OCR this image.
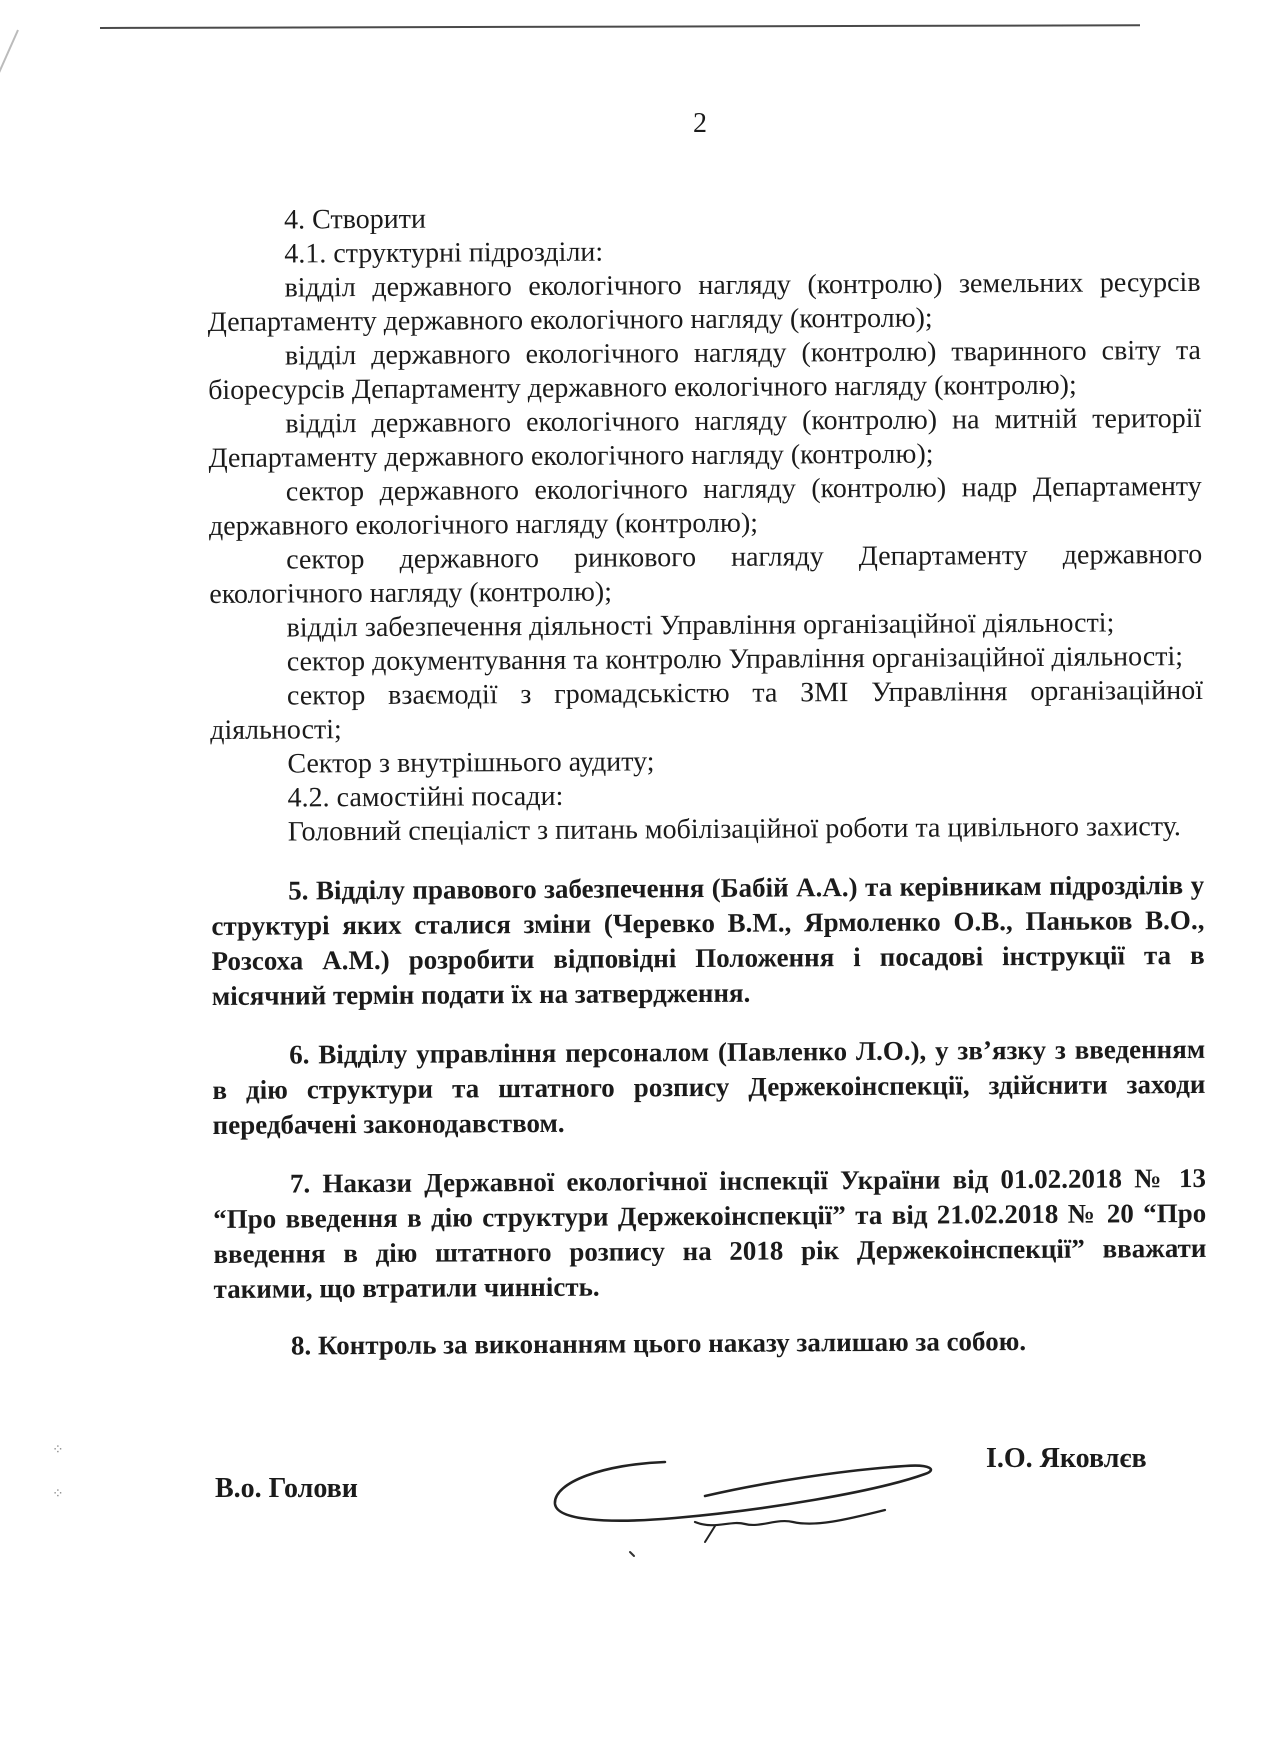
2

4. Створити

4.1. структурні підрозділи:

відділ державного екологічного нагляду (контролю) земельних ресурсів Департаменту державного екологічного нагляду (контролю);

відділ державного екологічного нагляду (контролю) тваринного світу та біоресурсів Департаменту державного екологічного нагляду (контролю);

відділ державного екологічного нагляду (контролю) на митній території Департаменту державного екологічного нагляду (контролю);

сектор державного екологічного нагляду (контролю) надр Департаменту державного екологічного нагляду (контролю);

сектор державного ринкового нагляду Департаменту державного екологічного нагляду (контролю);

відділ забезпечення діяльності Управління організаційної діяльності;

сектор документування та контролю Управління організаційної діяльності;

сектор взаємодії з громадськістю та ЗМІ Управління організаційної діяльності;

Сектор з внутрішнього аудиту;

4.2. самостійні посади:

Головний спеціаліст з питань мобілізаційної роботи та цивільного захисту.

5. Відділу правового забезпечення (Бабій А.А.) та керівникам підрозділів у структурі яких сталися зміни (Черевко В.М., Ярмоленко О.В., Паньков В.О., Розсоха А.М.) розробити відповідні Положення і посадові інструкції та в місячний термін подати їх на затвердження.

6. Відділу управління персоналом (Павленко Л.О.), у зв’язку з введенням в дію структури та штатного розпису Держекоінспекції, здійснити заходи передбачені законодавством.

7. Накази Державної екологічної інспекції України від 01.02.2018 № 13 “Про введення в дію структури Держекоінспекції” та від 21.02.2018 № 20 “Про введення в дію штатного розпису на 2018 рік Держекоінспекції” вважати такими, що втратили чинність.

8. Контроль за виконанням цього наказу залишаю за собою.

В.о. Голови
І.О. Яковлєв
⁘
⁘
